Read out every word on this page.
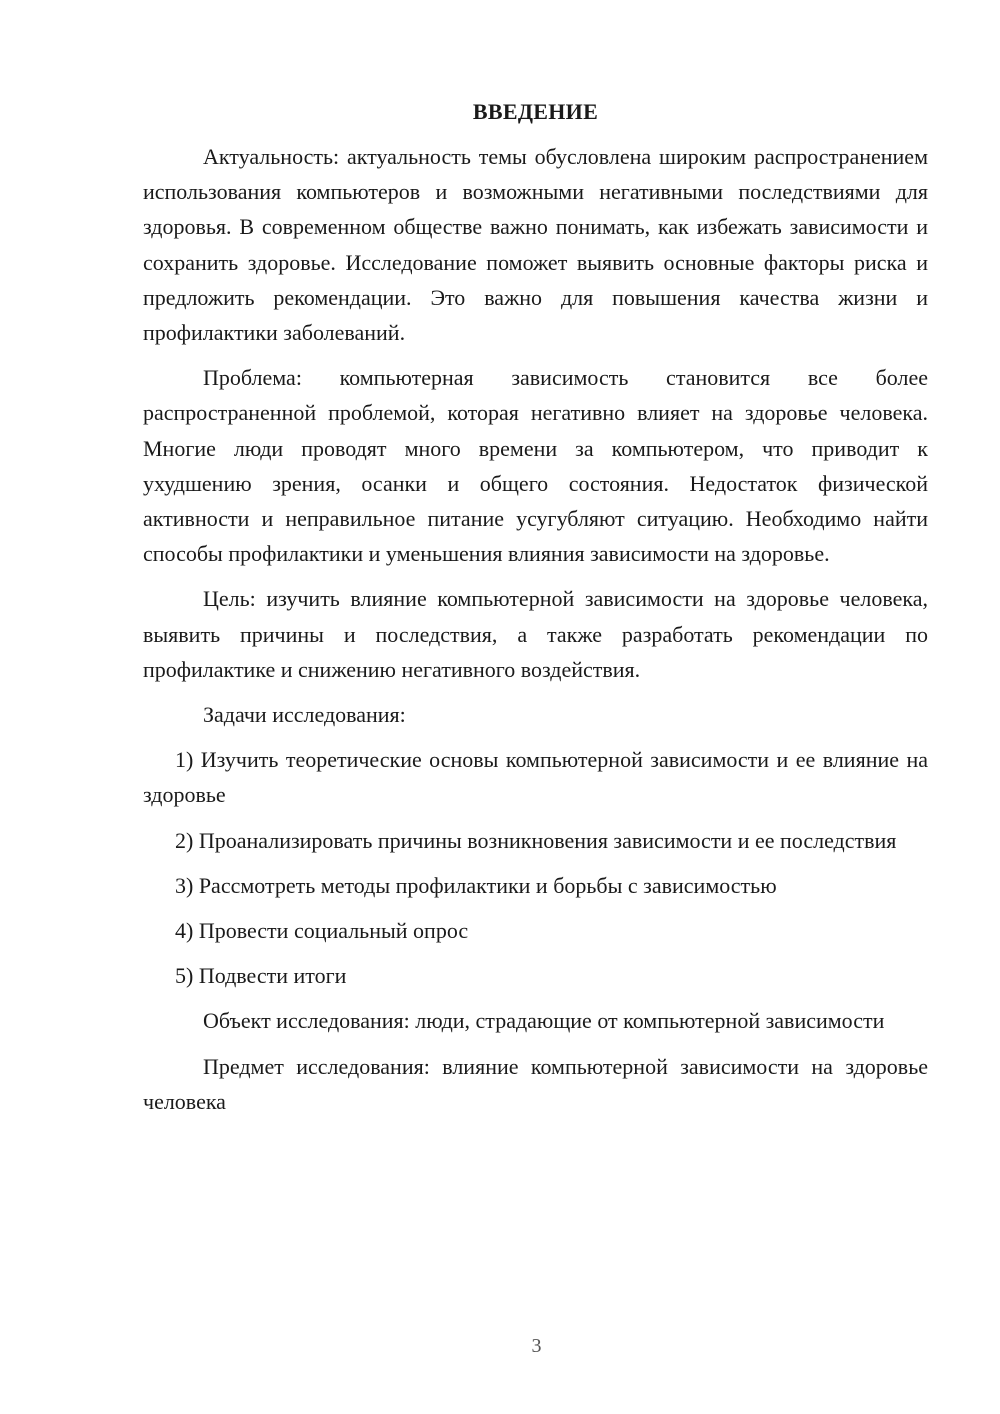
ВВЕДЕНИЕ

Актуальность: актуальность темы обусловлена широким распространением использования компьютеров и возможными негативными последствиями для здоровья. В современном обществе важно понимать, как избежать зависимости и сохранить здоровье. Исследование поможет выявить основные факторы риска и предложить рекомендации. Это важно для повышения качества жизни и профилактики заболеваний.

Проблема: компьютерная зависимость становится все более распространенной проблемой, которая негативно влияет на здоровье человека. Многие люди проводят много времени за компьютером, что приводит к ухудшению зрения, осанки и общего состояния. Недостаток физической активности и неправильное питание усугубляют ситуацию. Необходимо найти способы профилактики и уменьшения влияния зависимости на здоровье.

Цель: изучить влияние компьютерной зависимости на здоровье человека, выявить причины и последствия, а также разработать рекомендации по профилактике и снижению негативного воздействия.

Задачи исследования:

1) Изучить теоретические основы компьютерной зависимости и ее влияние на здоровье

2) Проанализировать причины возникновения зависимости и ее последствия

3) Рассмотреть методы профилактики и борьбы с зависимостью

4) Провести социальный опрос

5) Подвести итоги

Объект исследования: люди, страдающие от компьютерной зависимости

Предмет исследования: влияние компьютерной зависимости на здоровье человека

3
